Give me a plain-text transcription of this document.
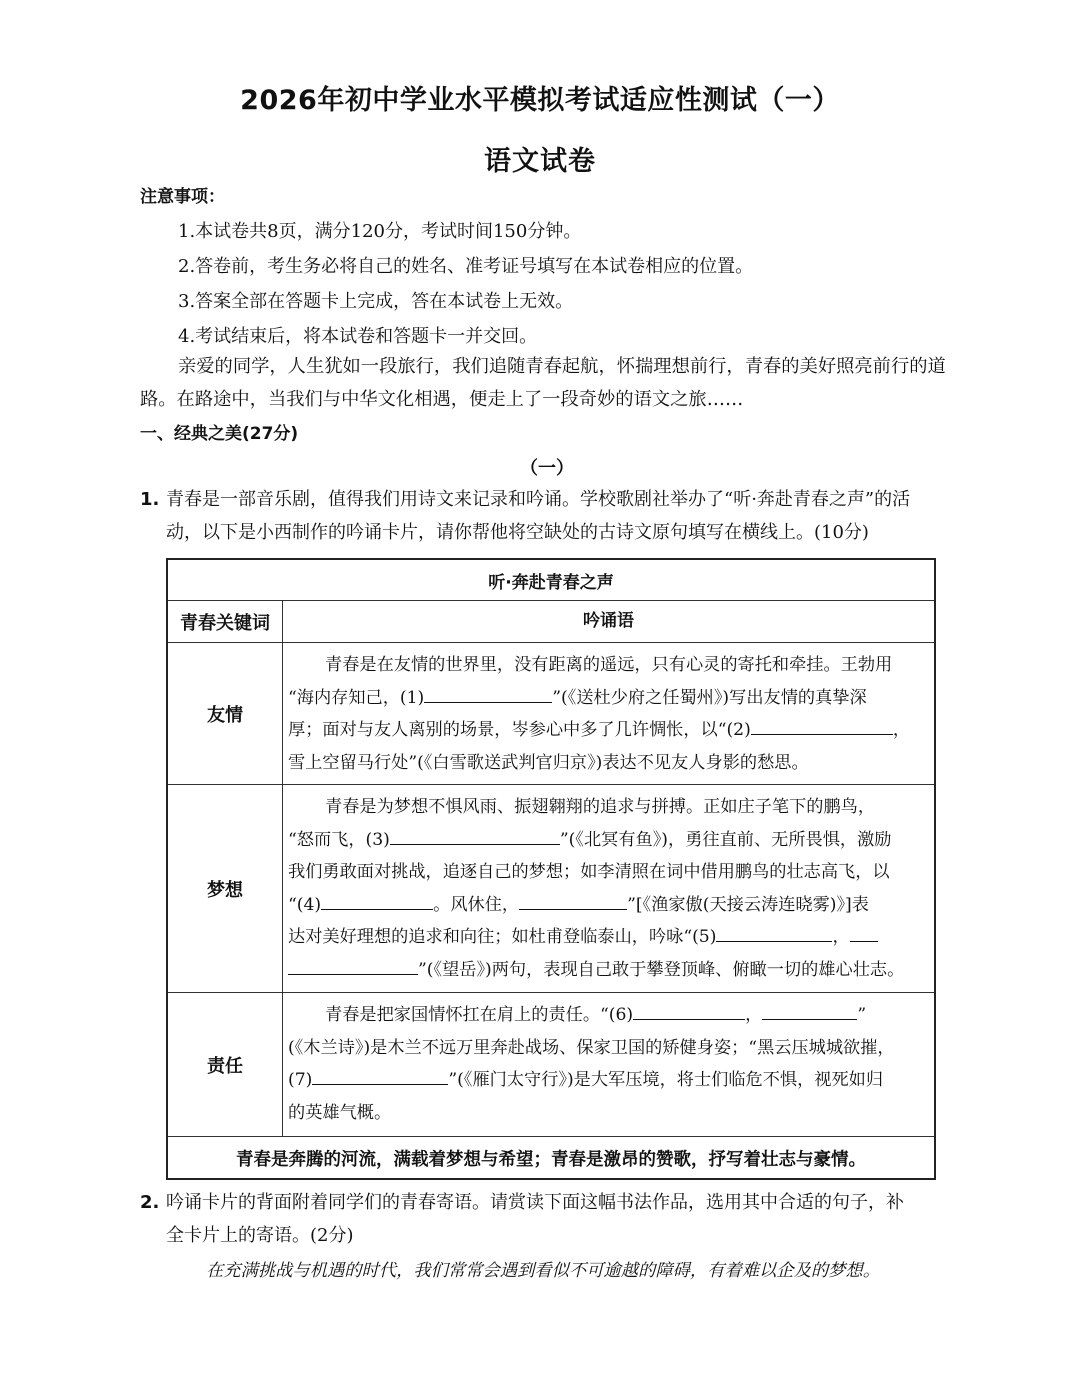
2026年初中学业水平模拟考试适应性测试（一）
语文试卷
注意事项：
1.本试卷共8页，满分120分，考试时间150分钟。
2.答卷前，考生务必将自己的姓名、准考证号填写在本试卷相应的位置。
3.答案全部在答题卡上完成，答在本试卷上无效。
4.考试结束后，将本试卷和答题卡一并交回。
亲爱的同学，人生犹如一段旅行，我们追随青春起航，怀揣理想前行，青春的美好照亮前行的道
路。在路途中，当我们与中华文化相遇，便走上了一段奇妙的语文之旅……
一、经典之美(27分)
（一）
1. 青春是一部音乐剧，值得我们用诗文来记录和吟诵。学校歌剧社举办了“听·奔赴青春之声”的活
动，以下是小西制作的吟诵卡片，请你帮他将空缺处的古诗文原句填写在横线上。(10分)
听·奔赴青春之声
青春关键词	吟诵语
友情
青春是在友情的世界里，没有距离的遥远，只有心灵的寄托和牵挂。王勃用
“海内存知己，(1)	”(《送杜少府之任蜀州》)写出友情的真挚深
厚；面对与友人离别的场景，岑参心中多了几许惆怅，以“(2)	，
雪上空留马行处”(《白雪歌送武判官归京》)表达不见友人身影的愁思。
梦想
青春是为梦想不惧风雨、振翅翱翔的追求与拼搏。正如庄子笔下的鹏鸟，
“怒而飞，(3)	”(《北冥有鱼》)，勇往直前、无所畏惧，激励
我们勇敢面对挑战，追逐自己的梦想；如李清照在词中借用鹏鸟的壮志高飞，以
“(4)	。风休住，	”[《渔家傲(天接云涛连晓雾)》]表
达对美好理想的追求和向往；如杜甫登临泰山，吟咏“(5)	，
”(《望岳》)两句，表现自己敢于攀登顶峰、俯瞰一切的雄心壮志。
责任
青春是把家国情怀扛在肩上的责任。“(6)	，	”
(《木兰诗》)是木兰不远万里奔赴战场、保家卫国的矫健身姿；“黑云压城城欲摧，
(7)	”(《雁门太守行》)是大军压境，将士们临危不惧，视死如归
的英雄气概。
青春是奔腾的河流，满载着梦想与希望；青春是激昂的赞歌，抒写着壮志与豪情。
2. 吟诵卡片的背面附着同学们的青春寄语。请赏读下面这幅书法作品，选用其中合适的句子，补
全卡片上的寄语。(2分)
在充满挑战与机遇的时代，我们常常会遇到看似不可逾越的障碍，有着难以企及的梦想。
